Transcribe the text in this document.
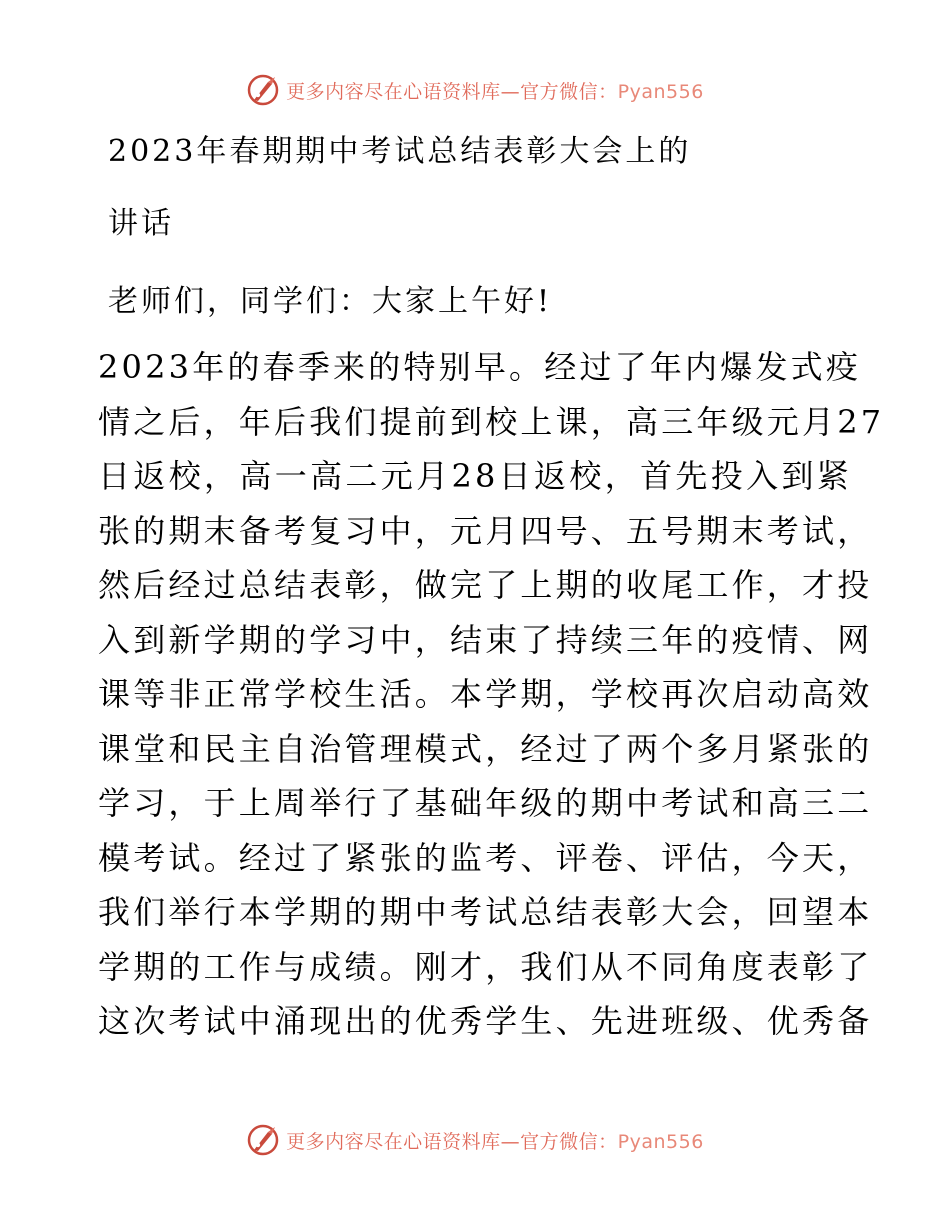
更多内容尽在心语资料库—官方微信：Pyan556
2023年春期期中考试总结表彰大会上的
讲话
老师们，同学们：大家上午好!
2023年的春季来的特别早。经过了年内爆发式疫
情之后，年后我们提前到校上课，高三年级元月27
日返校，高一高二元月28日返校，首先投入到紧
张的期末备考复习中，元月四号、五号期末考试，
然后经过总结表彰，做完了上期的收尾工作，才投
入到新学期的学习中，结束了持续三年的疫情、网
课等非正常学校生活。本学期，学校再次启动高效
课堂和民主自治管理模式，经过了两个多月紧张的
学习，于上周举行了基础年级的期中考试和高三二
模考试。经过了紧张的监考、评卷、评估，今天，
我们举行本学期的期中考试总结表彰大会，回望本
学期的工作与成绩。刚才，我们从不同角度表彰了
这次考试中涌现出的优秀学生、先进班级、优秀备
更多内容尽在心语资料库—官方微信：Pyan556
